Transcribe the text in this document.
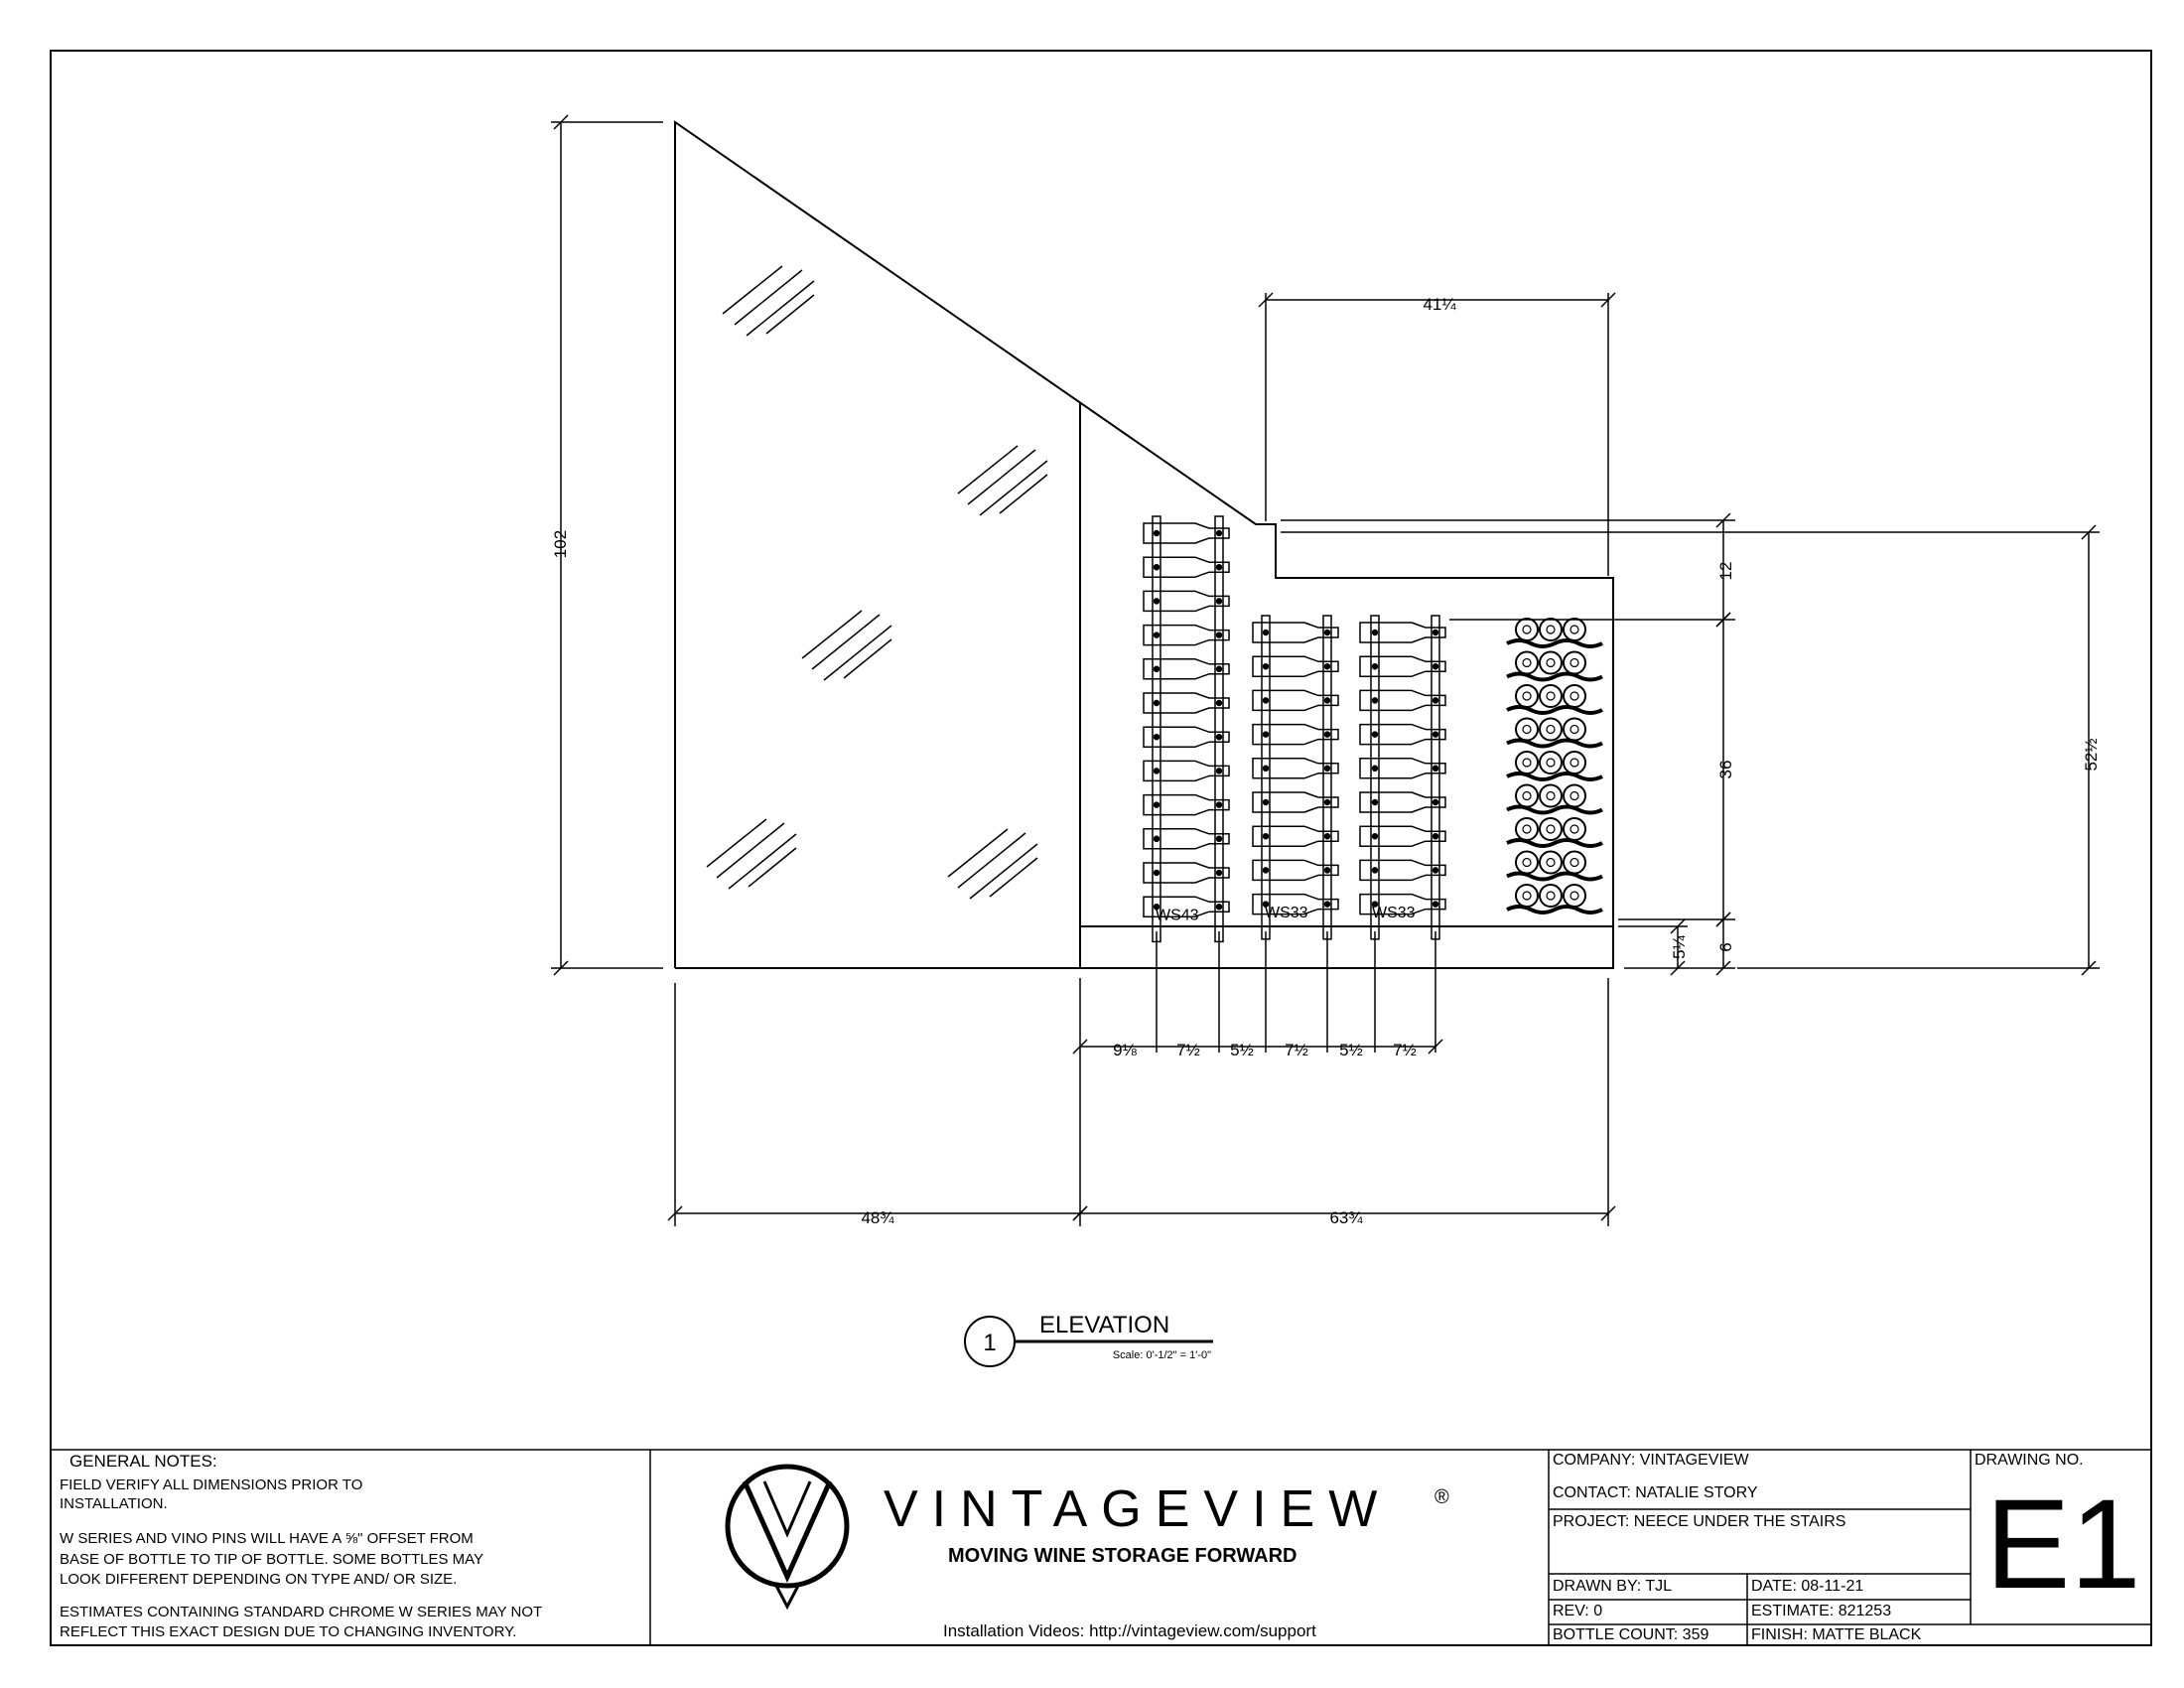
WS43	WS33	WS33
102
41¼
12
36
6
5¼
52½
48¾	63¾
9⅛ 7½ 5½ 7½ 5½ 7½
1
ELEVATION
Scale: 0'-1/2" = 1'-0"
GENERAL NOTES:
FIELD VERIFY ALL DIMENSIONS PRIOR TO
INSTALLATION.
W SERIES AND VINO PINS WILL HAVE A ⅝" OFFSET FROM
BASE OF BOTTLE TO TIP OF BOTTLE. SOME BOTTLES MAY
LOOK DIFFERENT DEPENDING ON TYPE AND/ OR SIZE.
ESTIMATES CONTAINING STANDARD CHROME W SERIES MAY NOT
REFLECT THIS EXACT DESIGN DUE TO CHANGING INVENTORY.
VINTAGEVIEW ®
MOVING WINE STORAGE FORWARD
Installation Videos: http://vintageview.com/support
COMPANY: VINTAGEVIEW
CONTACT: NATALIE STORY
PROJECT: NEECE UNDER THE STAIRS
DRAWN BY: TJL	DATE: 08-11-21
REV: 0	ESTIMATE: 821253
BOTTLE COUNT: 359	FINISH: MATTE BLACK
DRAWING NO.
E1
